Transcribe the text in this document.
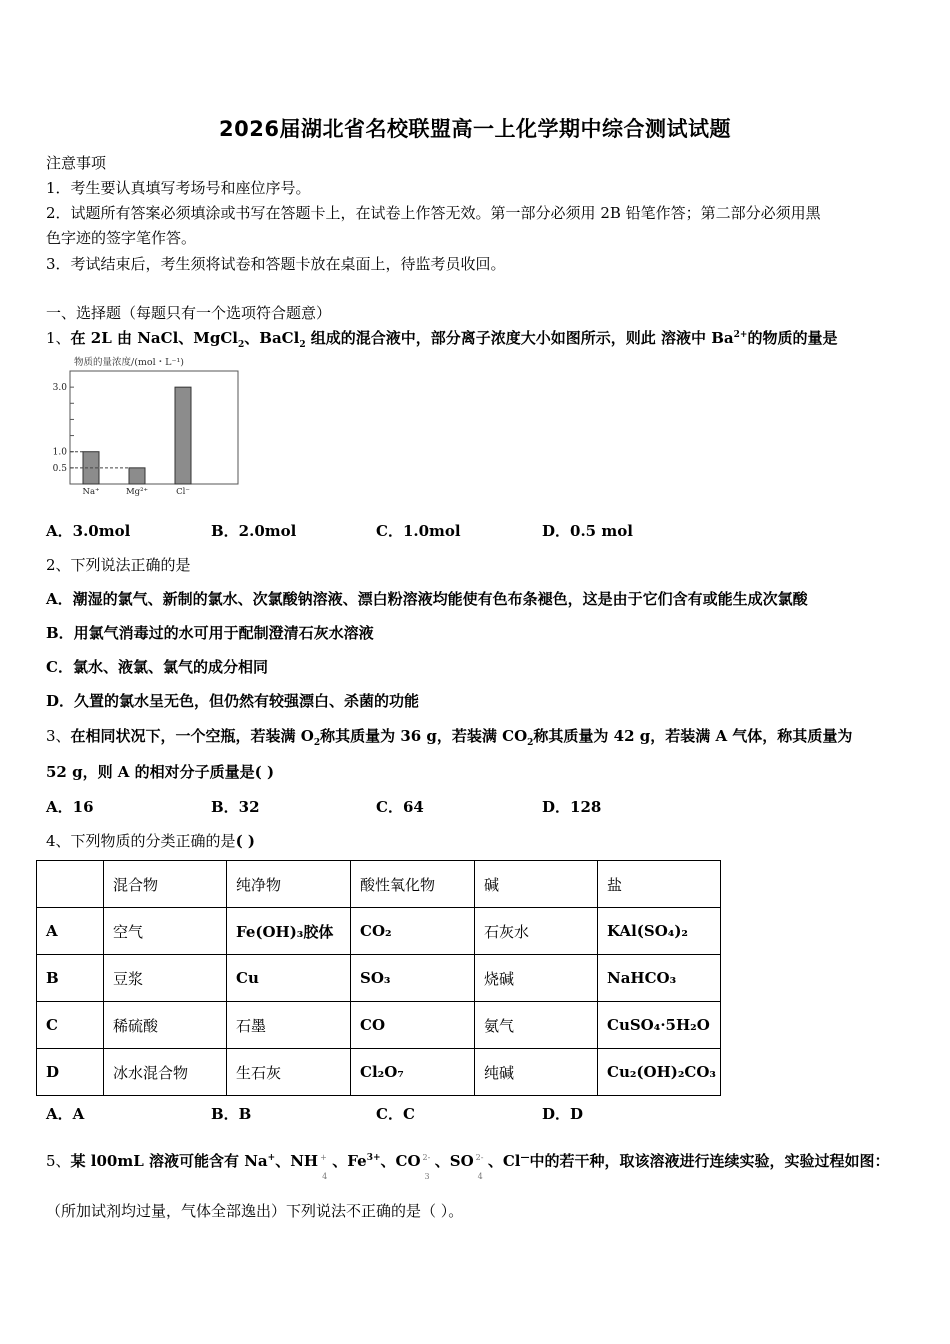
2026届湖北省名校联盟高一上化学期中综合测试试题
注意事项
1．考生要认真填写考场号和座位序号。
2．试题所有答案必须填涂或书写在答题卡上，在试卷上作答无效。第一部分必须用 2B 铅笔作答；第二部分必须用黑
色字迹的签字笔作答。
3．考试结束后，考生须将试卷和答题卡放在桌面上，待监考员收回。
一、选择题（每题只有一个选项符合题意）
1、在 2L 由 NaCl、MgCl$_2$、BaCl$_2$ 组成的混合液中，部分离子浓度大小如图所示，则此 溶液中 $Ba^{2+}$的物质的量是
物质的量浓度/(mol・L⁻¹)
3.0
1.0
0.5
Na⁺	Mg²⁺	Cl⁻
A．3.0mol	B．2.0mol	C．1.0mol	D．0.5 mol
2、下列说法正确的是
A．潮湿的氯气、新制的氯水、次氯酸钠溶液、漂白粉溶液均能使有色布条褪色，这是由于它们含有或能生成次氯酸
B．用氯气消毒过的水可用于配制澄清石灰水溶液
C．氯水、液氯、氯气的成分相同
D．久置的氯水呈无色，但仍然有较强漂白、杀菌的功能
3、在相同状况下，一个空瓶，若装满 $O_2$称其质量为 36 g，若装满 $CO_2$称其质量为 42 g，若装满 A 气体，称其质量为
52 g，则 A 的相对分子质量是( )
A．16	B．32	C．64	D．128
4、下列物质的分类正确的是( )
	混合物	纯净物	酸性氧化物	碱	盐
A	空气	Fe(OH)₃胶体	CO₂	石灰水	KAl(SO₄)₂
B	豆浆	Cu	SO₃	烧碱	NaHCO₃
C	稀硫酸	石墨	CO	氨气	CuSO₄·5H₂O
D	冰水混合物	生石灰	Cl₂O₇	纯碱	Cu₂(OH)₂CO₃
A．A	B．B	C．C	D．D
5、某 l00mL 溶液可能含有 Na+、NH +
4
、$Fe^{3+}$、CO 2-
3
、SO 2-
4
、Cl—中的若干种，取该溶液进行连续实验，实验过程如图：
（所加试剂均过量，气体全部逸出）下列说法不正确的是（ ）。
